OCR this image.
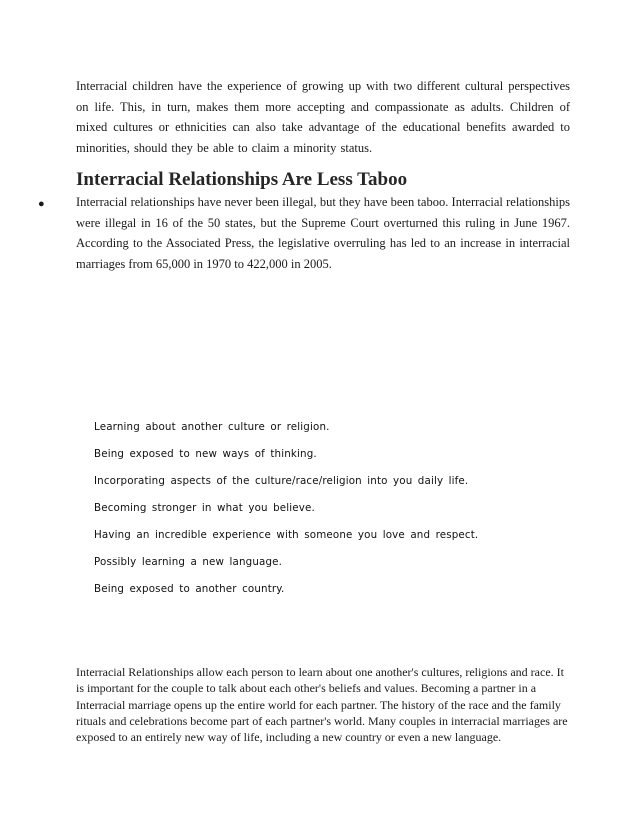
Interracial children have the experience of growing up with two different cultural perspectives on life. This, in turn, makes them more accepting and compassionate as adults. Children of mixed cultures or ethnicities can also take advantage of the educational benefits awarded to minorities, should they be able to claim a minority status.

Interracial Relationships Are Less Taboo
●	Interracial relationships have never been illegal, but they have been taboo. Interracial relationships were illegal in 16 of the 50 states, but the Supreme Court overturned this ruling in June 1967. According to the Associated Press, the legislative overruling has led to an increase in interracial marriages from 65,000 in 1970 to 422,000 in 2005.

Learning about another culture or religion.
Being exposed to new ways of thinking.
Incorporating aspects of the culture/race/religion into you daily life.
Becoming stronger in what you believe.
Having an incredible experience with someone you love and respect.
Possibly learning a new language.
Being exposed to another country.

Interracial Relationships allow each person to learn about one another's cultures, religions and race. It is important for the couple to talk about each other's beliefs and values. Becoming a partner in a Interracial marriage opens up the entire world for each partner. The history of the race and the family rituals and celebrations become part of each partner's world. Many couples in interracial marriages are exposed to an entirely new way of life, including a new country or even a new language.
